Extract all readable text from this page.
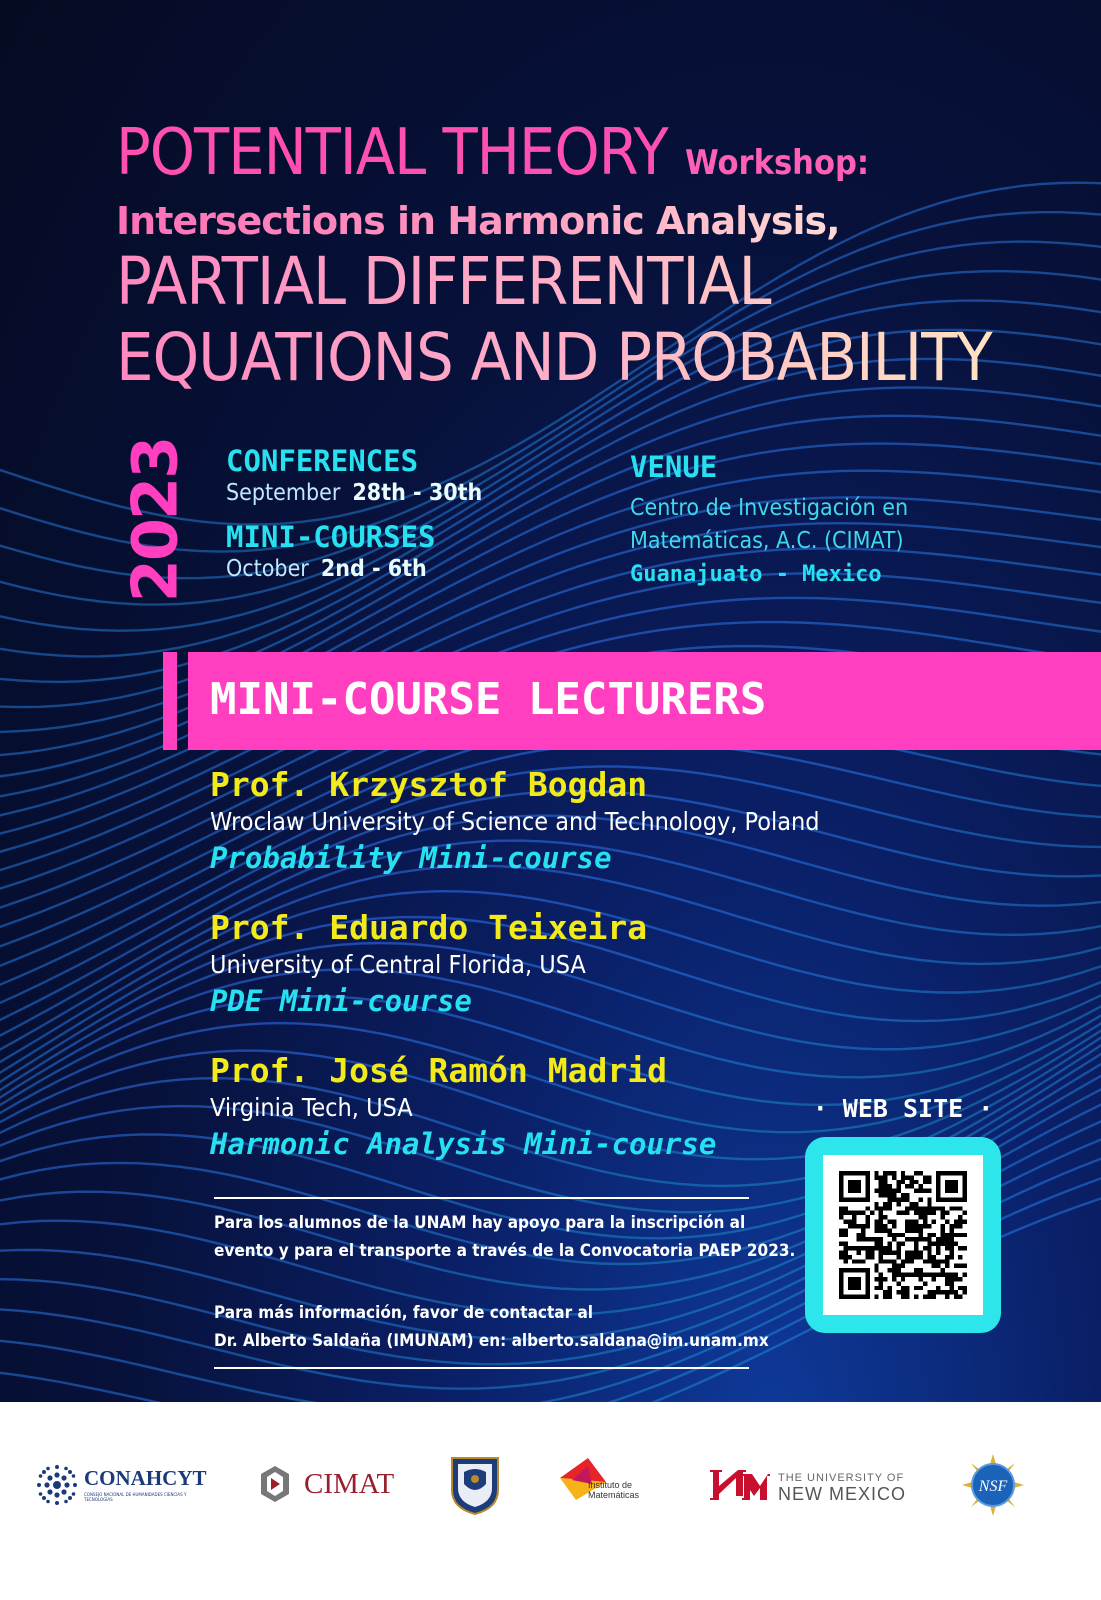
POTENTIAL THEORY Workshop:

Intersections in Harmonic Analysis,

PARTIAL DIFFERENTIAL

EQUATIONS AND PROBABILITY

2023 CONFERENCES
September 28th - 30th
MINI-COURSES
October 2nd - 6th
VENUE
Centro de Investigación en
Matemáticas, A.C. (CIMAT)
Guanajuato - Mexico
MINI-COURSE LECTURERS
Prof. Krzysztof Bogdan
Wroclaw University of Science and Technology, Poland
Probability Mini-course
Prof. Eduardo Teixeira
University of Central Florida, USA
PDE Mini-course
Prof. José Ramón Madrid
Virginia Tech, USA
Harmonic Analysis Mini-course

Para los alumnos de la UNAM hay apoyo para la inscripción al

evento y para el transporte a través de la Convocatoria PAEP 2023.

Para más información, favor de contactar al

Dr. Alberto Saldaña (IMUNAM) en: alberto.saldana@im.unam.mx

· WEB SITE ·
CONAHCYT
CONSEJO NACIONAL DE HUMANIDADES CIENCIAS Y TECNOLOGÍAS	CIMAT	Instituto de
Matemáticas
THE UNIVERSITY OF
NEW MEXICO	NSF
